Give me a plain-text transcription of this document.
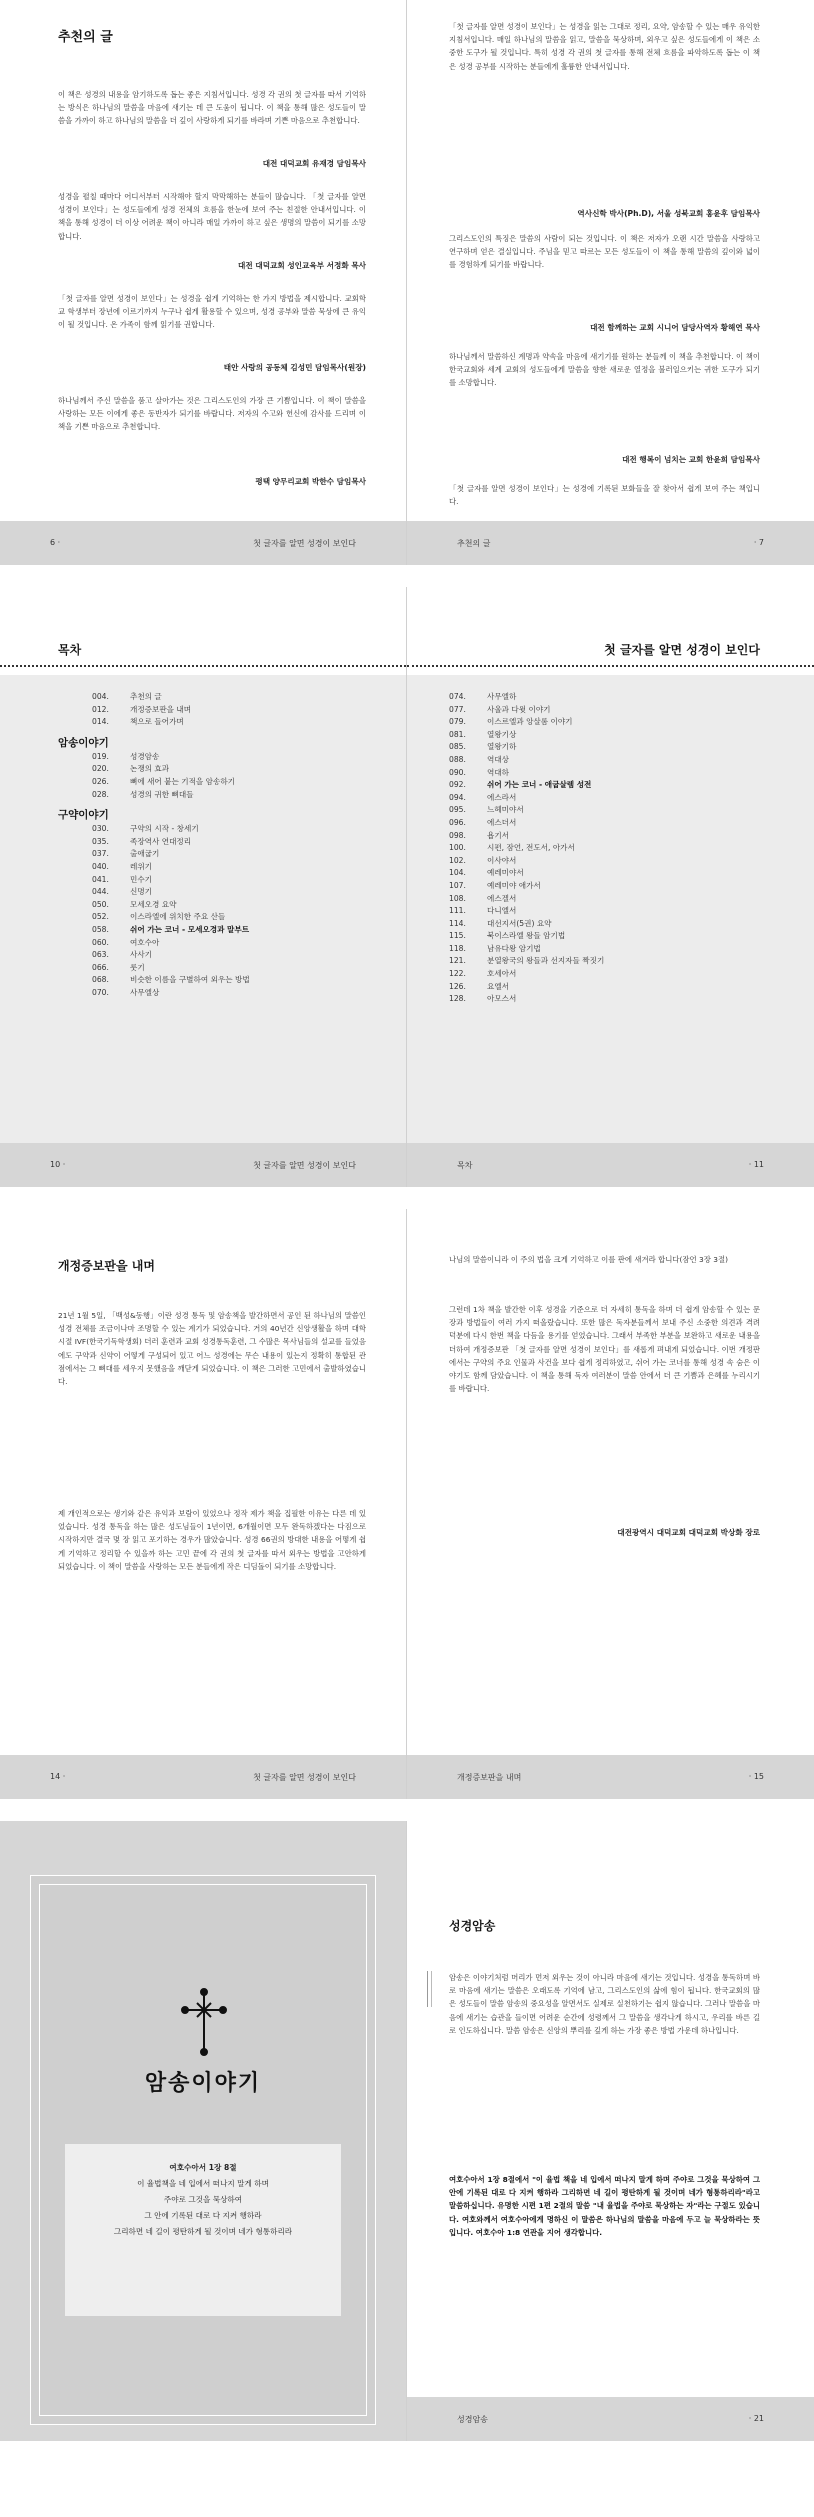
추천의 글

이 책은 성경의 내용을 암기하도록 돕는 좋은 지침서입니다. 성경 각 권의 첫 글자를 따서 기억하는 방식은 하나님의 말씀을 마음에 새기는 데 큰 도움이 됩니다. 이 책을 통해 많은 성도들이 말씀을 가까이 하고 하나님의 말씀을 더 깊이 사랑하게 되기를 바라며 기쁜 마음으로 추천합니다.

대전 대덕교회 유재경 담임목사

성경을 펼칠 때마다 어디서부터 시작해야 할지 막막해하는 분들이 많습니다. 「첫 글자를 알면 성경이 보인다」는 성도들에게 성경 전체의 흐름을 한눈에 보여 주는 친절한 안내서입니다. 이 책을 통해 성경이 더 이상 어려운 책이 아니라 매일 가까이 하고 싶은 생명의 말씀이 되기를 소망합니다.

대전 대덕교회 성인교육부 서정화 목사

「첫 글자를 알면 성경이 보인다」는 성경을 쉽게 기억하는 한 가지 방법을 제시합니다. 교회학교 학생부터 장년에 이르기까지 누구나 쉽게 활용할 수 있으며, 성경 공부와 말씀 묵상에 큰 유익이 될 것입니다. 온 가족이 함께 읽기를 권합니다.

태안 사랑의 공동체 김성민 담임목사(원장)

하나님께서 주신 말씀을 품고 살아가는 것은 그리스도인의 가장 큰 기쁨입니다. 이 책이 말씀을 사랑하는 모든 이에게 좋은 동반자가 되기를 바랍니다. 저자의 수고와 헌신에 감사를 드리며 이 책을 기쁜 마음으로 추천합니다.

평택 양무리교회 박한수 담임목사
6 ·	첫 글자를 알면 성경이 보인다

「첫 글자를 알면 성경이 보인다」는 성경을 읽는 그대로 정리, 요약, 암송할 수 있는 매우 유익한 지침서입니다. 매일 하나님의 말씀을 읽고, 말씀을 묵상하며, 외우고 싶은 성도들에게 이 책은 소중한 도구가 될 것입니다. 특히 성경 각 권의 첫 글자를 통해 전체 흐름을 파악하도록 돕는 이 책은 성경 공부를 시작하는 분들에게 훌륭한 안내서입니다.

역사신학 박사(Ph.D), 서울 성북교회 홍윤후 담임목사

그리스도인의 특징은 말씀의 사람이 되는 것입니다. 이 책은 저자가 오랜 시간 말씀을 사랑하고 연구하며 얻은 결실입니다. 주님을 믿고 따르는 모든 성도들이 이 책을 통해 말씀의 깊이와 넓이를 경험하게 되기를 바랍니다.

대전 함께하는 교회 시니어 담당사역자 황해연 목사

하나님께서 말씀하신 계명과 약속을 마음에 새기기를 원하는 분들께 이 책을 추천합니다. 이 책이 한국교회와 세계 교회의 성도들에게 말씀을 향한 새로운 열정을 불러일으키는 귀한 도구가 되기를 소망합니다.

대전 행복이 넘치는 교회 한윤희 담임목사

「첫 글자를 알면 성경이 보인다」는 성경에 기록된 보화들을 잘 찾아서 쉽게 보여 주는 책입니다.

추천의 글	· 7
목차
004.	추천의 글
012.	개정증보판을 내며
014.	책으로 들어가며
암송이야기
019.	성경암송
020.	논쟁의 효과
026.	뼈에 새어 붙는 기적을 암송하기
028.	성경의 귀한 뼈대들
구약이야기
030.	구약의 시작 - 창세기
035.	족장역사 연대정리
037.	출애굽기
040.	레위기
041.	민수기
044.	신명기
050.	모세오경 요약
052.	이스라엘에 위치한 주요 산들
058.	쉬어 가는 코너 - 모세오경과 말부트
060.	여호수아
063.	사사기
066.	룻기
068.	비슷한 이름을 구별하여 외우는 방법
070.	사무엘상
10 ·	첫 글자를 알면 성경이 보인다
첫 글자를 알면 성경이 보인다
074.	사무엘하
077.	사울과 다윗 이야기
079.	이스르엘과 앙살롬 이야기
081.	열왕기상
085.	열왕기하
088.	역대상
090.	역대하
092.	쉬어 가는 코너 - 애굽살렘 성전
094.	에스라서
095.	느헤미야서
096.	에스더서
098.	욥기서
100.	시편, 잠언, 전도서, 아가서
102.	이사야서
104.	예레미야서
107.	예레미야 애가서
108.	에스겔서
111.	다니엘서
114.	대선지서(5권) 요약
115.	북이스라엘 왕들 암기법
118.	남유다왕 암기법
121.	분열왕국의 왕들과 선지자들 짝짓기
122.	호세아서
126.	요엘서
128.	아모스서
목차	· 11
개정증보판을 내며

21년 1월 5일, 「백성&동행」이란 성경 통독 및 암송책을 발간하면서 공인 된 하나님의 말씀인 성경 전체를 조금이나마 조명할 수 있는 계기가 되었습니다. 거의 40년간 신앙생활을 하며 대학 시절 IVF(한국기독학생회) 더러 훈련과 교회 성경통독훈련, 그 수많은 목사님들의 설교를 들었음에도 구약과 신약이 어떻게 구성되어 있고 어느 성경에는 무슨 내용이 있는지 정확히 통합된 관점에서는 그 뼈대를 세우지 못했음을 깨닫게 되었습니다. 이 책은 그러한 고민에서 출발하였습니다.

제 개인적으로는 생기와 같은 유익과 보람이 있었으나 정작 제가 책을 집필한 이유는 다른 데 있었습니다. 성경 통독을 하는 많은 성도님들이 1년이면, 6개월이면 모두 완독하겠다는 다짐으로 시작하지만 결국 몇 장 읽고 포기하는 경우가 많았습니다. 성경 66권의 방대한 내용을 어떻게 쉽게 기억하고 정리할 수 있을까 하는 고민 끝에 각 권의 첫 글자를 따서 외우는 방법을 고안하게 되었습니다. 이 책이 말씀을 사랑하는 모든 분들에게 작은 디딤돌이 되기를 소망합니다.

14 ·	첫 글자를 알면 성경이 보인다

나님의 말씀이니라 이 주의 법을 크게 기억하고 이를 판에 새겨라 합니다(잠언 3장 3절)

그런데 1차 책을 발간한 이후 성경을 기준으로 더 자세히 통독을 하며 더 쉽게 암송할 수 있는 문장과 방법들이 여러 가지 떠올랐습니다. 또한 많은 독자분들께서 보내 주신 소중한 의견과 격려 덕분에 다시 한번 책을 다듬을 용기를 얻었습니다. 그래서 부족한 부분을 보완하고 새로운 내용을 더하여 개정증보판 「첫 글자를 알면 성경이 보인다」를 새롭게 펴내게 되었습니다. 이번 개정판에서는 구약의 주요 인물과 사건을 보다 쉽게 정리하였고, 쉬어 가는 코너를 통해 성경 속 숨은 이야기도 함께 담았습니다. 이 책을 통해 독자 여러분이 말씀 안에서 더 큰 기쁨과 은혜를 누리시기를 바랍니다.

대전광역시 대덕교회 대덕교회 박상화 장로
개정증보판을 내며	· 15
암송이야기
여호수아서 1장 8절
이 율법책을 네 입에서 떠나지 말게 하며
주야로 그것을 묵상하여
그 안에 기록된 대로 다 지켜 행하라
그리하면 네 길이 평탄하게 될 것이며 네가 형통하리라
성경암송

암송은 이야기처럼 머리가 먼저 외우는 것이 아니라 마음에 새기는 것입니다. 성경을 통독하며 바로 마음에 새기는 말씀은 오래도록 기억에 남고, 그리스도인의 삶에 힘이 됩니다. 한국교회의 많은 성도들이 말씀 암송의 중요성을 알면서도 실제로 실천하기는 쉽지 않습니다. 그러나 말씀을 마음에 새기는 습관을 들이면 어려운 순간에 성령께서 그 말씀을 생각나게 하시고, 우리를 바른 길로 인도하십니다. 말씀 암송은 신앙의 뿌리를 깊게 하는 가장 좋은 방법 가운데 하나입니다.

여호수아서 1장 8절에서 "이 율법 책을 네 입에서 떠나지 말게 하며 주야로 그것을 묵상하여 그 안에 기록된 대로 다 지켜 행하라 그리하면 네 길이 평탄하게 될 것이며 네가 형통하리라"라고 말씀하십니다. 유명한 시편 1편 2절의 말씀 "내 율법을 주야로 묵상하는 자"라는 구절도 있습니다. 여호와께서 여호수아에게 명하신 이 말씀은 하나님의 말씀을 마음에 두고 늘 묵상하라는 뜻입니다. 여호수아 1:8 연관을 지어 생각합니다.

성경암송	· 21
